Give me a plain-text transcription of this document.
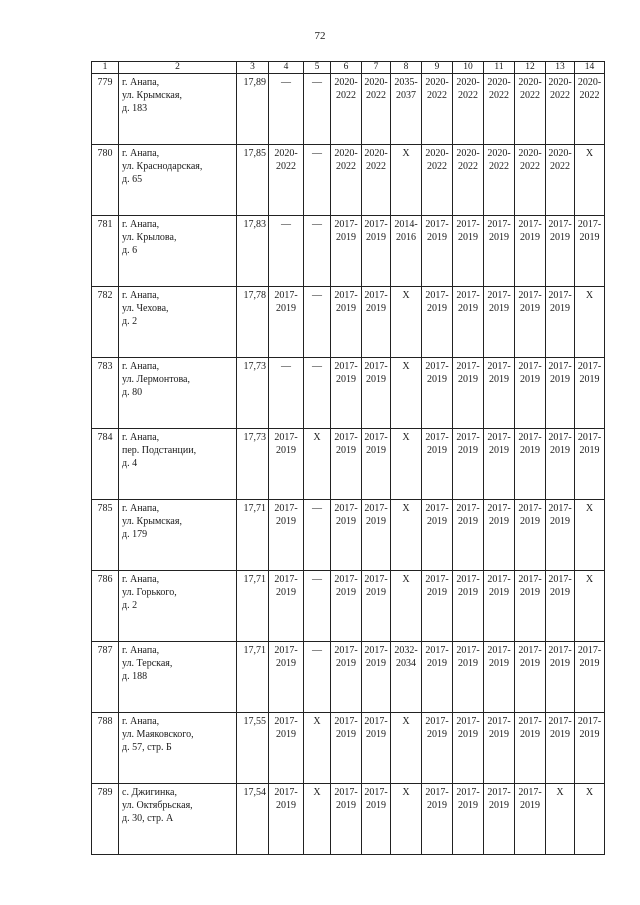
72
1	2	3	4	5	6	7	8	9	10	11	12	13	14
779	г. Анапа,
ул. Крымская,
д. 183	17,89	—	—	2020-
2022	2020-
2022	2035-
2037	2020-
2022	2020-
2022	2020-
2022	2020-
2022	2020-
2022	2020-
2022
780	г. Анапа,
ул. Краснодарская,
д. 65	17,85	2020-
2022	—	2020-
2022	2020-
2022	X	2020-
2022	2020-
2022	2020-
2022	2020-
2022	2020-
2022	X
781	г. Анапа,
ул. Крылова,
д. 6	17,83	—	—	2017-
2019	2017-
2019	2014-
2016	2017-
2019	2017-
2019	2017-
2019	2017-
2019	2017-
2019	2017-
2019
782	г. Анапа,
ул. Чехова,
д. 2	17,78	2017-
2019	—	2017-
2019	2017-
2019	X	2017-
2019	2017-
2019	2017-
2019	2017-
2019	2017-
2019	X
783	г. Анапа,
ул. Лермонтова,
д. 80	17,73	—	—	2017-
2019	2017-
2019	X	2017-
2019	2017-
2019	2017-
2019	2017-
2019	2017-
2019	2017-
2019
784	г. Анапа,
пер. Подстанции,
д. 4	17,73	2017-
2019	X	2017-
2019	2017-
2019	X	2017-
2019	2017-
2019	2017-
2019	2017-
2019	2017-
2019	2017-
2019
785	г. Анапа,
ул. Крымская,
д. 179	17,71	2017-
2019	—	2017-
2019	2017-
2019	X	2017-
2019	2017-
2019	2017-
2019	2017-
2019	2017-
2019	X
786	г. Анапа,
ул. Горького,
д. 2	17,71	2017-
2019	—	2017-
2019	2017-
2019	X	2017-
2019	2017-
2019	2017-
2019	2017-
2019	2017-
2019	X
787	г. Анапа,
ул. Терская,
д. 188	17,71	2017-
2019	—	2017-
2019	2017-
2019	2032-
2034	2017-
2019	2017-
2019	2017-
2019	2017-
2019	2017-
2019	2017-
2019
788	г. Анапа,
ул. Маяковского,
д. 57, стр. Б	17,55	2017-
2019	X	2017-
2019	2017-
2019	X	2017-
2019	2017-
2019	2017-
2019	2017-
2019	2017-
2019	2017-
2019
789	с. Джигинка,
ул. Октябрьская,
д. 30, стр. А	17,54	2017-
2019	X	2017-
2019	2017-
2019	X	2017-
2019	2017-
2019	2017-
2019	2017-
2019	X	X
